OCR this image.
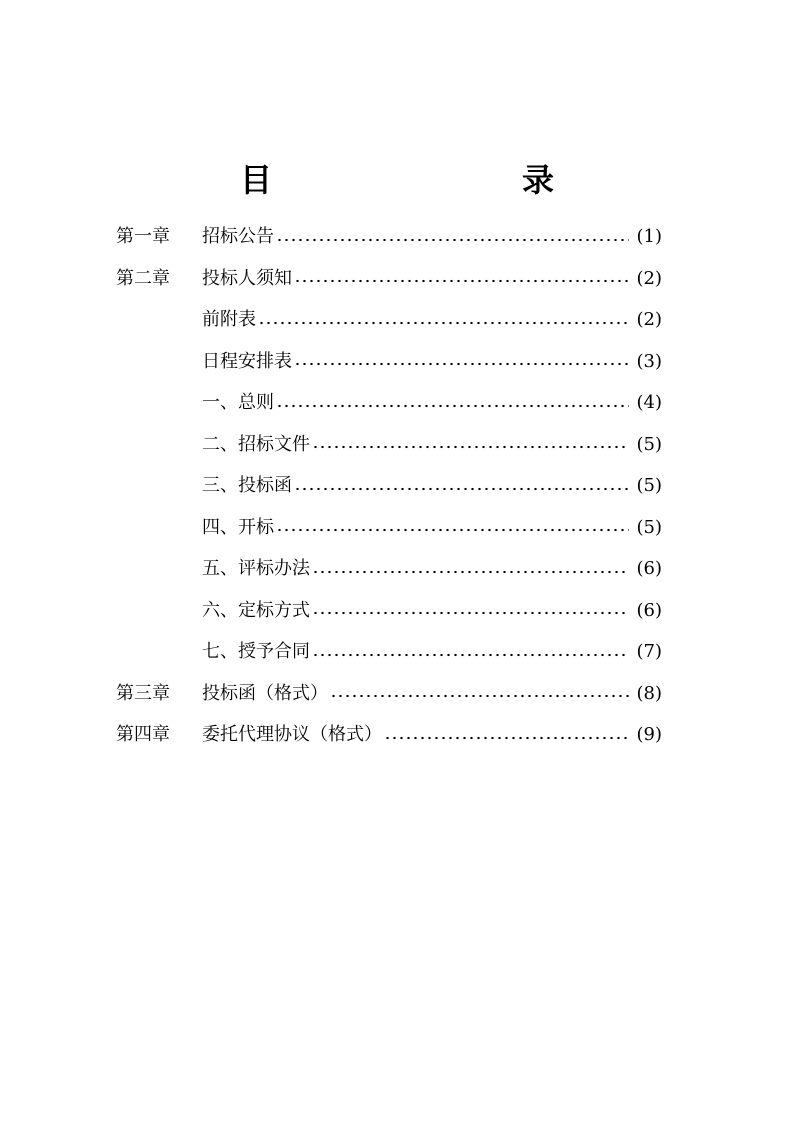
目　　录
第一章	招标公告	(1)
第二章	投标人须知	(2)
前附表	(2)
日程安排表	(3)
一、总则	(4)
二、招标文件	(5)
三、投标函	(5)
四、开标	(5)
五、评标办法	(6)
六、定标方式	(6)
七、授予合同	(7)
第三章	投标函（格式）	(8)
第四章	委托代理协议（格式）	(9)
